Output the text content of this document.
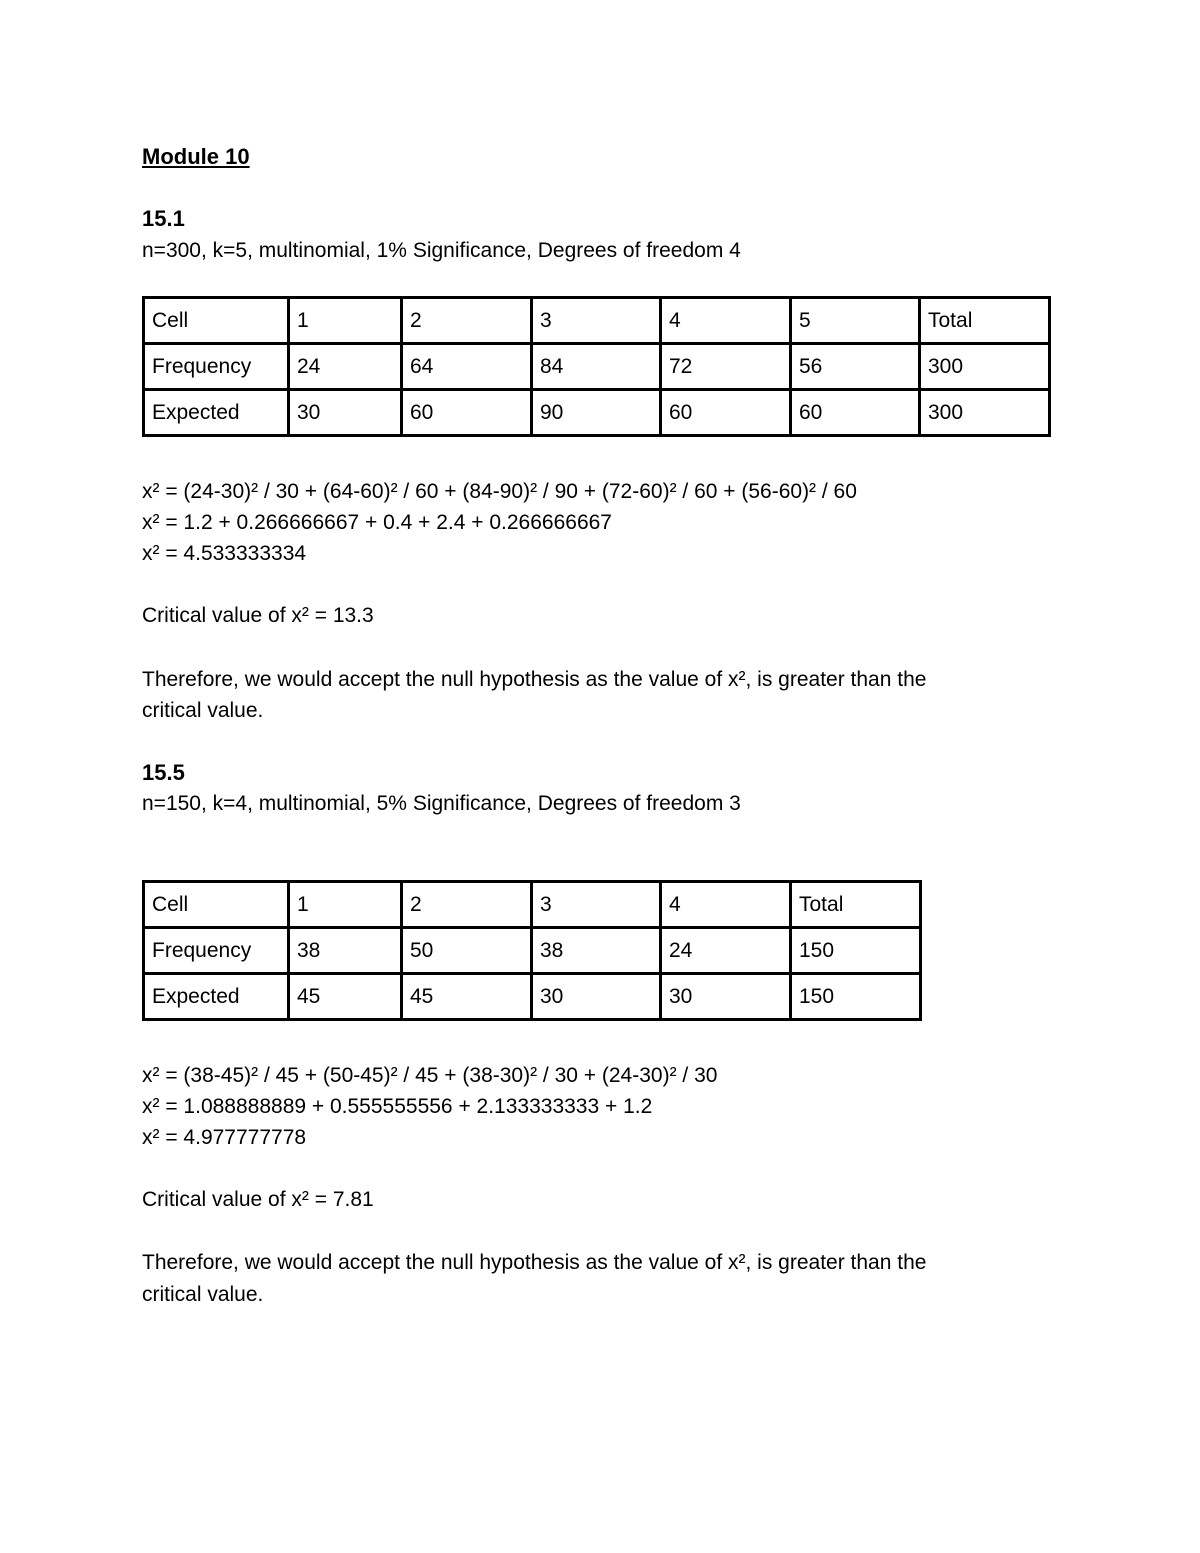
Module 10
15.1
n=300, k=5, multinomial, 1% Significance, Degrees of freedom 4
Cell	1	2	3	4	5	Total
Frequency	24	64	84	72	56	300
Expected	30	60	90	60	60	300
x² = (24-30)² / 30 + (64-60)² / 60 + (84-90)² / 90 + (72-60)² / 60 + (56-60)² / 60
x² = 1.2 + 0.266666667 + 0.4 + 2.4 + 0.266666667
x² = 4.533333334
Critical value of x² = 13.3
Therefore, we would accept the null hypothesis as the value of x², is greater than the
critical value.
15.5
n=150, k=4, multinomial, 5% Significance, Degrees of freedom 3
Cell	1	2	3	4	Total
Frequency	38	50	38	24	150
Expected	45	45	30	30	150
x² = (38-45)² / 45 + (50-45)² / 45 + (38-30)² / 30 + (24-30)² / 30
x² = 1.088888889 + 0.555555556 + 2.133333333 + 1.2
x² = 4.977777778
Critical value of x² = 7.81
Therefore, we would accept the null hypothesis as the value of x², is greater than the
critical value.
